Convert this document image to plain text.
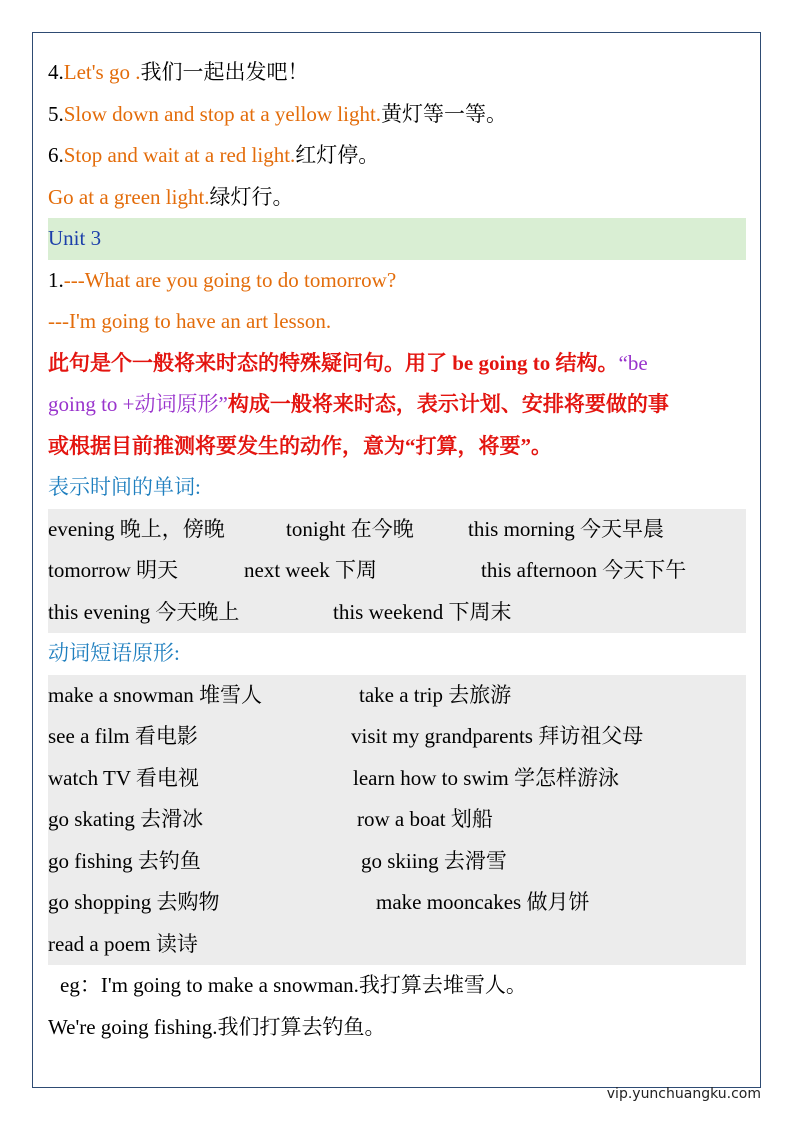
4.Let's go .我们一起出发吧！
5.Slow down and stop at a yellow light.黄灯等一等。
6.Stop and wait at a red light.红灯停。
Go at a green light.绿灯行。
Unit 3
1.---What are you going to do tomorrow?
---I'm going to have an art lesson.
此句是个一般将来时态的特殊疑问句。用了 be going to 结构。“be
going to +动词原形”构成一般将来时态，表示计划、安排将要做的事
或根据目前推测将要发生的动作，意为“打算，将要”。
表示时间的单词:
evening 晚上，傍晚	tonight 在今晚	this morning 今天早晨
tomorrow 明天	next week 下周	this afternoon 今天下午
this evening 今天晚上	this weekend 下周末
动词短语原形:
make a snowman 堆雪人	take a trip 去旅游
see a film 看电影	visit my grandparents 拜访祖父母
watch TV 看电视	learn how to swim 学怎样游泳
go skating 去滑冰	row a boat 划船
go fishing 去钓鱼	go skiing 去滑雪
go shopping 去购物	make mooncakes 做月饼
read a poem 读诗
eg：I'm going to make a snowman.我打算去堆雪人。
We're going fishing.我们打算去钓鱼。
vip.yunchuangku.com
